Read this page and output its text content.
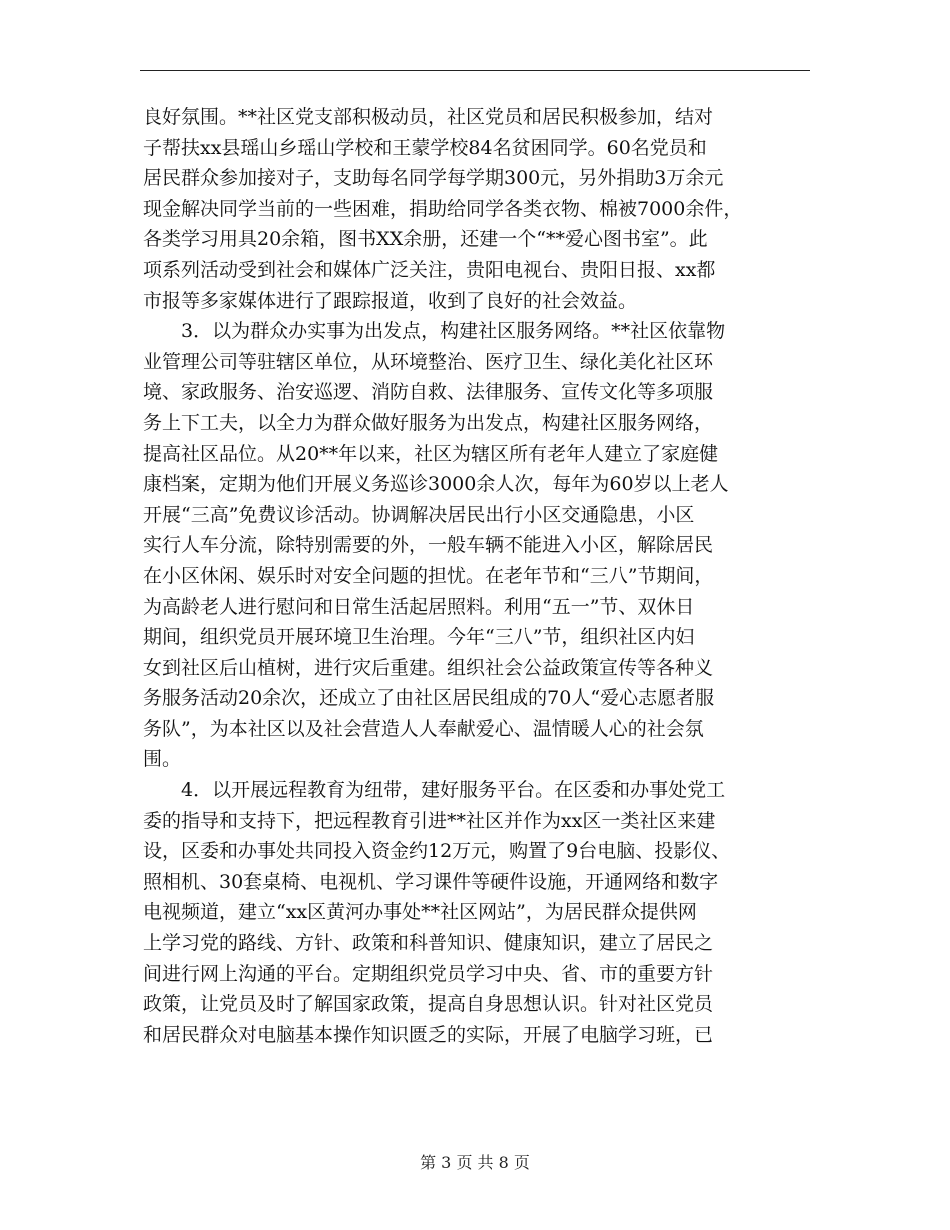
良好氛围。**社区党支部积极动员，社区党员和居民积极参加，结对
子帮扶xx县瑶山乡瑶山学校和王蒙学校84名贫困同学。60名党员和
居民群众参加接对子，支助每名同学每学期300元，另外捐助3万余元
现金解决同学当前的一些困难，捐助给同学各类衣物、棉被7000余件，
各类学习用具20余箱，图书XX余册，还建一个“**爱心图书室”。此
项系列活动受到社会和媒体广泛关注，贵阳电视台、贵阳日报、xx都
市报等多家媒体进行了跟踪报道，收到了良好的社会效益。
3．以为群众办实事为出发点，构建社区服务网络。**社区依靠物
业管理公司等驻辖区单位，从环境整治、医疗卫生、绿化美化社区环
境、家政服务、治安巡逻、消防自救、法律服务、宣传文化等多项服
务上下工夫，以全力为群众做好服务为出发点，构建社区服务网络，
提高社区品位。从20**年以来，社区为辖区所有老年人建立了家庭健
康档案，定期为他们开展义务巡诊3000余人次，每年为60岁以上老人
开展“三高”免费议诊活动。协调解决居民出行小区交通隐患，小区
实行人车分流，除特别需要的外，一般车辆不能进入小区，解除居民
在小区休闲、娱乐时对安全问题的担忧。在老年节和“三八”节期间，
为高龄老人进行慰问和日常生活起居照料。利用“五一”节、双休日
期间，组织党员开展环境卫生治理。今年“三八”节，组织社区内妇
女到社区后山植树，进行灾后重建。组织社会公益政策宣传等各种义
务服务活动20余次，还成立了由社区居民组成的70人“爱心志愿者服
务队”，为本社区以及社会营造人人奉献爱心、温情暖人心的社会氛
围。
4．以开展远程教育为纽带，建好服务平台。在区委和办事处党工
委的指导和支持下，把远程教育引进**社区并作为xx区一类社区来建
设，区委和办事处共同投入资金约12万元，购置了9台电脑、投影仪、
照相机、30套桌椅、电视机、学习课件等硬件设施，开通网络和数字
电视频道，建立“xx区黄河办事处**社区网站”，为居民群众提供网
上学习党的路线、方针、政策和科普知识、健康知识，建立了居民之
间进行网上沟通的平台。定期组织党员学习中央、省、市的重要方针
政策，让党员及时了解国家政策，提高自身思想认识。针对社区党员
和居民群众对电脑基本操作知识匮乏的实际，开展了电脑学习班，已
第 3 页 共 8 页
